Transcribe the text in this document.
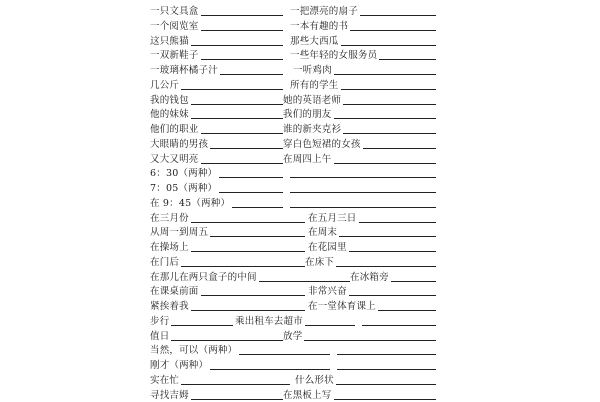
一只文具盒	一把漂亮的扇子
一个阅览室	一本有趣的书
这只熊猫	那些大西瓜
一双新鞋子	一些年轻的女服务员
一玻璃杯橘子汁	一听鸡肉
几公斤	所有的学生
我的钱包	她的英语老师
他的妹妹	我们的朋友
他们的职业	谁的新夹克衫
大眼睛的男孩	穿白色短裙的女孩
又大又明亮	在周四上午
6：30（两种）
7：05（两种）
在 9：45（两种）
在三月份	在五月三日
从周一到周五	在周末
在操场上	在花园里
在门后	在床下
在那儿在两只盒子的中间	在冰箱旁
在课桌前面	非常兴奋
紧挨着我	在一堂体育课上
步行	乘出租车去超市
值日	放学
当然，可以（两种）
刚才（两种）
实在忙	什么形状
寻找吉姆	在黑板上写
